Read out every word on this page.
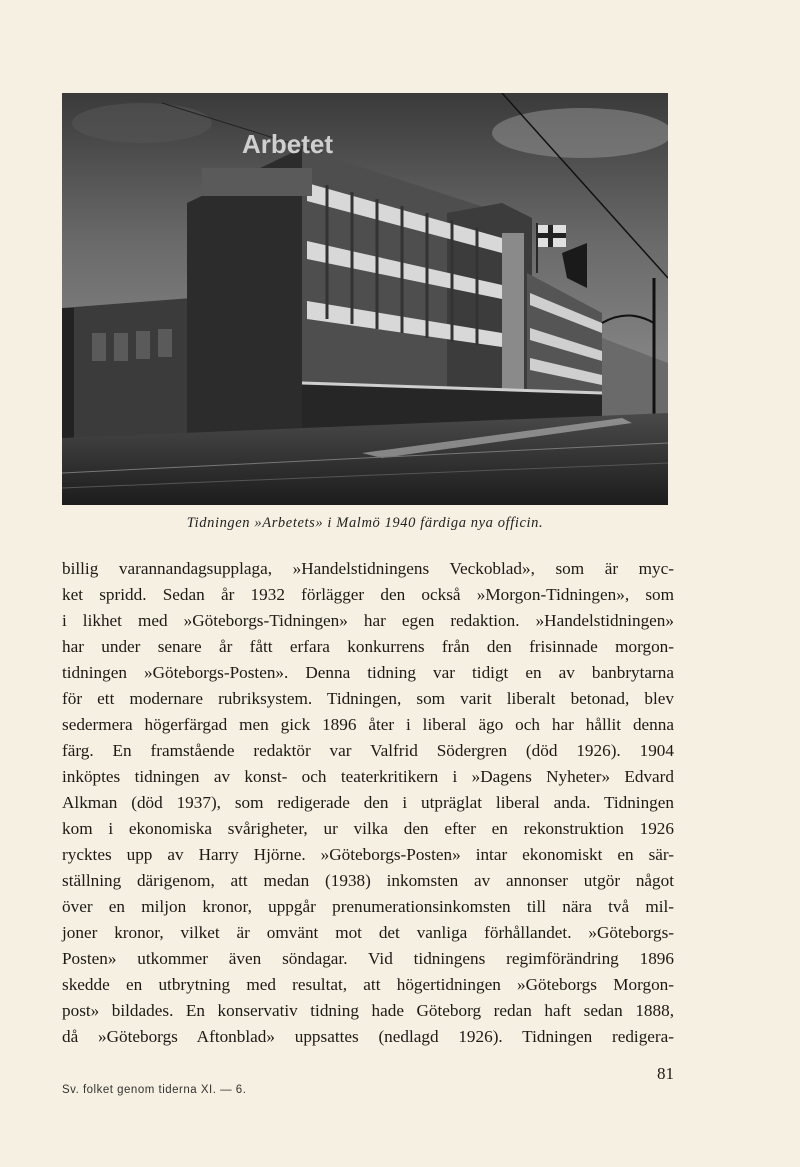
Arbetet
Tidningen »Arbetets» i Malmö 1940 färdiga nya officin.
billig varannandagsupplaga, »Handelstidningens Veckoblad», som är myc-
ket spridd. Sedan år 1932 förlägger den också »Morgon-Tidningen», som
i likhet med »Göteborgs-Tidningen» har egen redaktion. »Handelstidningen»
har under senare år fått erfara konkurrens från den frisinnade morgon-
tidningen »Göteborgs-Posten». Denna tidning var tidigt en av banbrytarna
för ett modernare rubriksystem. Tidningen, som varit liberalt betonad, blev
sedermera högerfärgad men gick 1896 åter i liberal ägo och har hållit denna
färg. En framstående redaktör var Valfrid Södergren (död 1926). 1904
inköptes tidningen av konst- och teaterkritikern i »Dagens Nyheter» Edvard
Alkman (död 1937), som redigerade den i utpräglat liberal anda. Tidningen
kom i ekonomiska svårigheter, ur vilka den efter en rekonstruktion 1926
rycktes upp av Harry Hjörne. »Göteborgs-Posten» intar ekonomiskt en sär-
ställning därigenom, att medan (1938) inkomsten av annonser utgör något
över en miljon kronor, uppgår prenumerationsinkomsten till nära två mil-
joner kronor, vilket är omvänt mot det vanliga förhållandet. »Göteborgs-
Posten» utkommer även söndagar. Vid tidningens regimförändring 1896
skedde en utbrytning med resultat, att högertidningen »Göteborgs Morgon-
post» bildades. En konservativ tidning hade Göteborg redan haft sedan 1888,
då »Göteborgs Aftonblad» uppsattes (nedlagd 1926). Tidningen redigera-
81
Sv. folket genom tiderna XI. — 6.
